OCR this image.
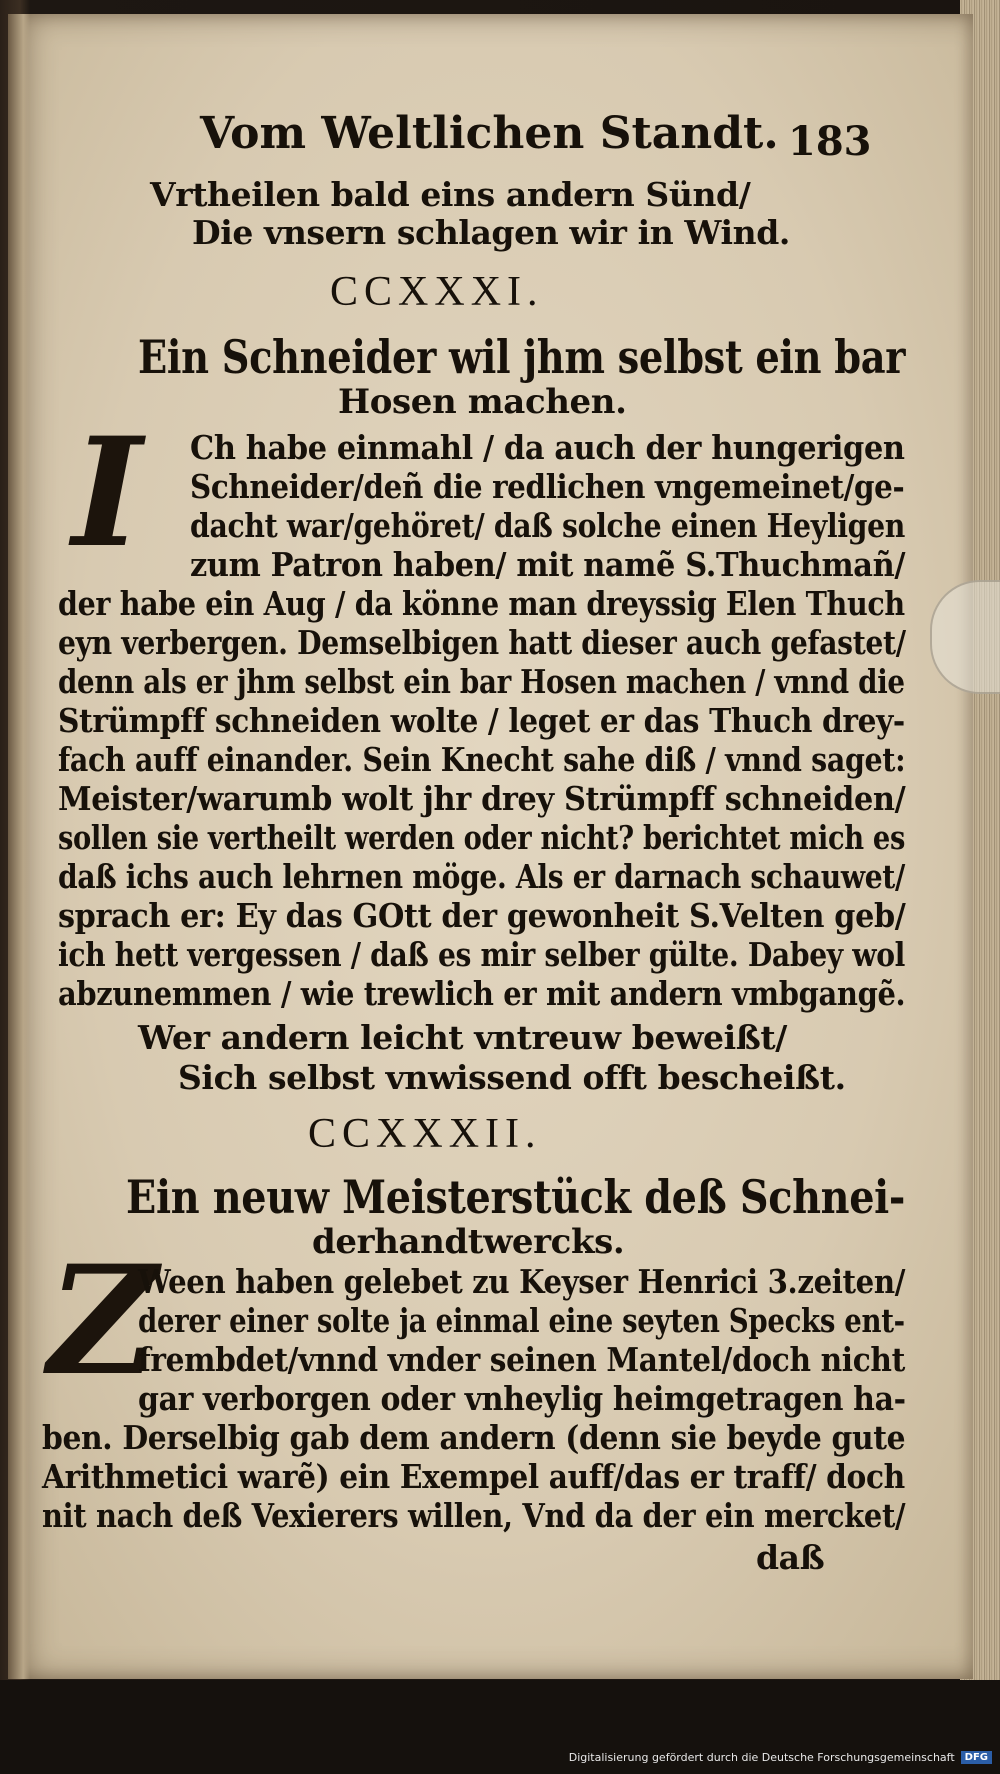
Vom Weltlichen Standt. 183
Vrtheilen bald eins andern Sünd/
Die vnsern schlagen wir in Wind.
CCXXXI.
Ein Schneider wil jhm selbst ein bar
Hosen machen.
I Ch habe einmahl / da auch der hungerigen
Schneider/deñ die redlichen vngemeinet/ge-
dacht war/gehöret/ daß solche einen Heyligen
zum Patron haben/ mit namẽ S.Thuchmañ/
der habe ein Aug / da könne man dreyssig Elen Thuch
eyn verbergen. Demselbigen hatt dieser auch gefastet/
denn als er jhm selbst ein bar Hosen machen / vnnd die
Strümpff schneiden wolte / leget er das Thuch drey-
fach auff einander. Sein Knecht sahe diß / vnnd saget:
Meister/warumb wolt jhr drey Strümpff schneiden/
sollen sie vertheilt werden oder nicht? berichtet mich es
daß ichs auch lehrnen möge. Als er darnach schauwet/
sprach er: Ey das GOtt der gewonheit S.Velten geb/
ich hett vergessen / daß es mir selber gülte. Dabey wol
abzunemmen / wie trewlich er mit andern vmbgangẽ.
Wer andern leicht vntreuw beweißt/
Sich selbst vnwissend offt bescheißt.
CCXXXII.
Ein neuw Meisterstück deß Schnei-
derhandtwercks.
Z
Ween haben gelebet zu Keyser Henrici 3.zeiten/
derer einer solte ja einmal eine seyten Specks ent-
frembdet/vnnd vnder seinen Mantel/doch nicht
gar verborgen oder vnheylig heimgetragen ha-
ben. Derselbig gab dem andern (denn sie beyde gute
Arithmetici warẽ) ein Exempel auff/das er traff/ doch
nit nach deß Vexierers willen, Vnd da der ein mercket/
daß
Digitalisierung gefördert durch die Deutsche Forschungsgemeinschaft	DFG
